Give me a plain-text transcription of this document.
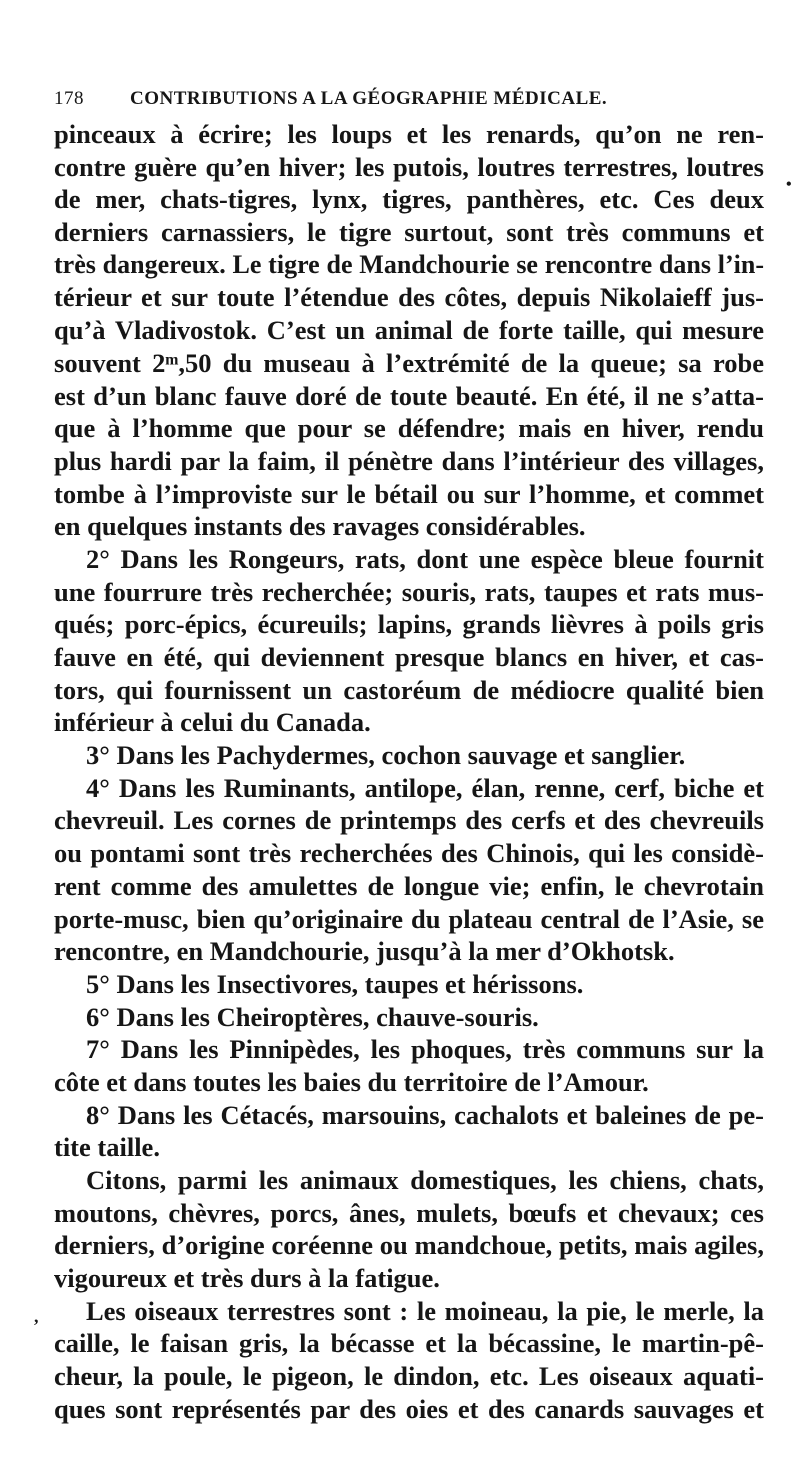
178	CONTRIBUTIONS A LA GÉOGRAPHIE MÉDICALE.
pinceaux à écrire; les loups et les renards, qu’on ne ren-
contre guère qu’en hiver; les putois, loutres terrestres, loutres
de mer, chats-tigres, lynx, tigres, panthères, etc. Ces deux
derniers carnassiers, le tigre surtout, sont très communs et
très dangereux. Le tigre de Mandchourie se rencontre dans l’in-
térieur et sur toute l’étendue des côtes, depuis Nikolaieff jus-
qu’à Vladivostok. C’est un animal de forte taille, qui mesure
souvent 2ᵐ,50 du museau à l’extrémité de la queue; sa robe
est d’un blanc fauve doré de toute beauté. En été, il ne s’atta-
que à l’homme que pour se défendre; mais en hiver, rendu
plus hardi par la faim, il pénètre dans l’intérieur des villages,
tombe à l’improviste sur le bétail ou sur l’homme, et commet
en quelques instants des ravages considérables.
2° Dans les Rongeurs, rats, dont une espèce bleue fournit
une fourrure très recherchée; souris, rats, taupes et rats mus-
qués; porc-épics, écureuils; lapins, grands lièvres à poils gris
fauve en été, qui deviennent presque blancs en hiver, et cas-
tors, qui fournissent un castoréum de médiocre qualité bien
inférieur à celui du Canada.
3° Dans les Pachydermes, cochon sauvage et sanglier.
4° Dans les Ruminants, antilope, élan, renne, cerf, biche et
chevreuil. Les cornes de printemps des cerfs et des chevreuils
ou pontami sont très recherchées des Chinois, qui les considè-
rent comme des amulettes de longue vie; enfin, le chevrotain
porte-musc, bien qu’originaire du plateau central de l’Asie, se
rencontre, en Mandchourie, jusqu’à la mer d’Okhotsk.
5° Dans les Insectivores, taupes et hérissons.
6° Dans les Cheiroptères, chauve-souris.
7° Dans les Pinnipèdes, les phoques, très communs sur la
côte et dans toutes les baies du territoire de l’Amour.
8° Dans les Cétacés, marsouins, cachalots et baleines de pe-
tite taille.
Citons, parmi les animaux domestiques, les chiens, chats,
moutons, chèvres, porcs, ânes, mulets, bœufs et chevaux; ces
derniers, d’origine coréenne ou mandchoue, petits, mais agiles,
vigoureux et très durs à la fatigue.
Les oiseaux terrestres sont : le moineau, la pie, le merle, la
caille, le faisan gris, la bécasse et la bécassine, le martin-pê-
cheur, la poule, le pigeon, le dindon, etc. Les oiseaux aquati-
ques sont représentés par des oies et des canards sauvages et
•
,
